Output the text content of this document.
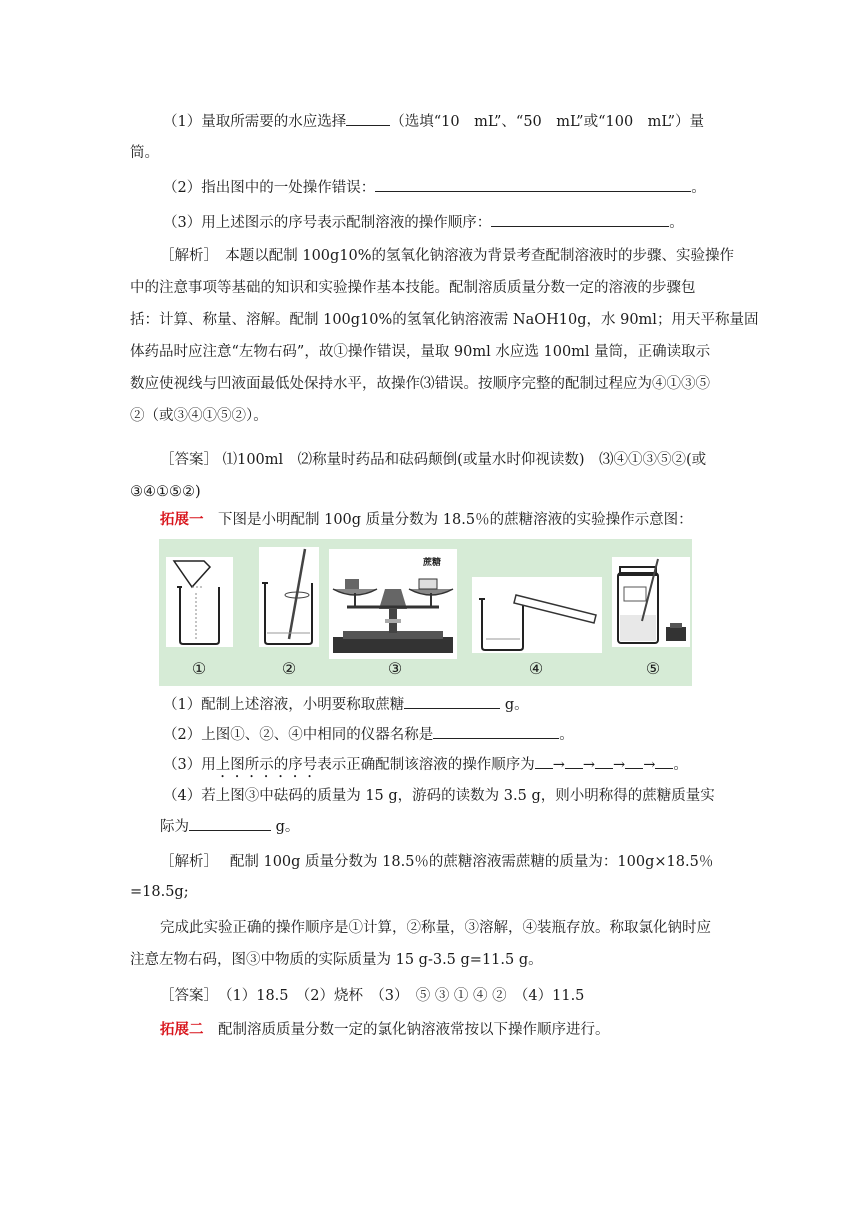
（1）量取所需要的水应选择	（选填“10　mL”、“50　mL”或“100　mL”）量
筒。
（2）指出图中的一处操作错误：	。
（3）用上述图示的序号表示配制溶液的操作顺序：	。
［解析］　本题以配制 100g10%的氢氧化钠溶液为背景考查配制溶液时的步骤、实验操作
中的注意事项等基础的知识和实验操作基本技能。配制溶质质量分数一定的溶液的步骤包
括：计算、称量、溶解。配制 100g10%的氢氧化钠溶液需 NaOH10g，水 90ml；用天平称量固
体药品时应注意“左物右码”，故①操作错误，量取 90ml 水应选 100ml 量筒，正确读取示
数应使视线与凹液面最低处保持水平，故操作⑶错误。按顺序完整的配制过程应为④①③⑤
②（或③④①⑤②）。
［答案］ ⑴100ml　⑵称量时药品和砝码颠倒(或量水时仰视读数)　⑶④①③⑤②(或
③④①⑤②)
拓展一　下图是小明配制 100g 质量分数为 18.5％的蔗糖溶液的实验操作示意图：
蔗糖
①	②	③	④	⑤
（1）配制上述溶液，小明要称取蔗糖	g。
（2）上图①、②、④中相同的仪器名称是	。
（3）用上图所示的序号表示正确配制该溶液的操作顺序为 → → → → 。
（4）若上图③中砝码的质量为 15 g，游码的读数为 3.5 g，则小明称得的蔗糖质量实
际为	g。
［解析］　 配制 100g 质量分数为 18.5％的蔗糖溶液需蔗糖的质量为：100g×18.5％
=18.5g;
完成此实验正确的操作顺序是①计算，②称量，③溶解，④装瓶存放。称取氯化钠时应
注意左物右码，图③中物质的实际质量为 15 g-3.5 g=11.5 g。
［答案］　（1）18.5　（2）烧杯　（3）　⑤ ③ ① ④ ②　（4）11.5
拓展二　配制溶质质量分数一定的氯化钠溶液常按以下操作顺序进行。
